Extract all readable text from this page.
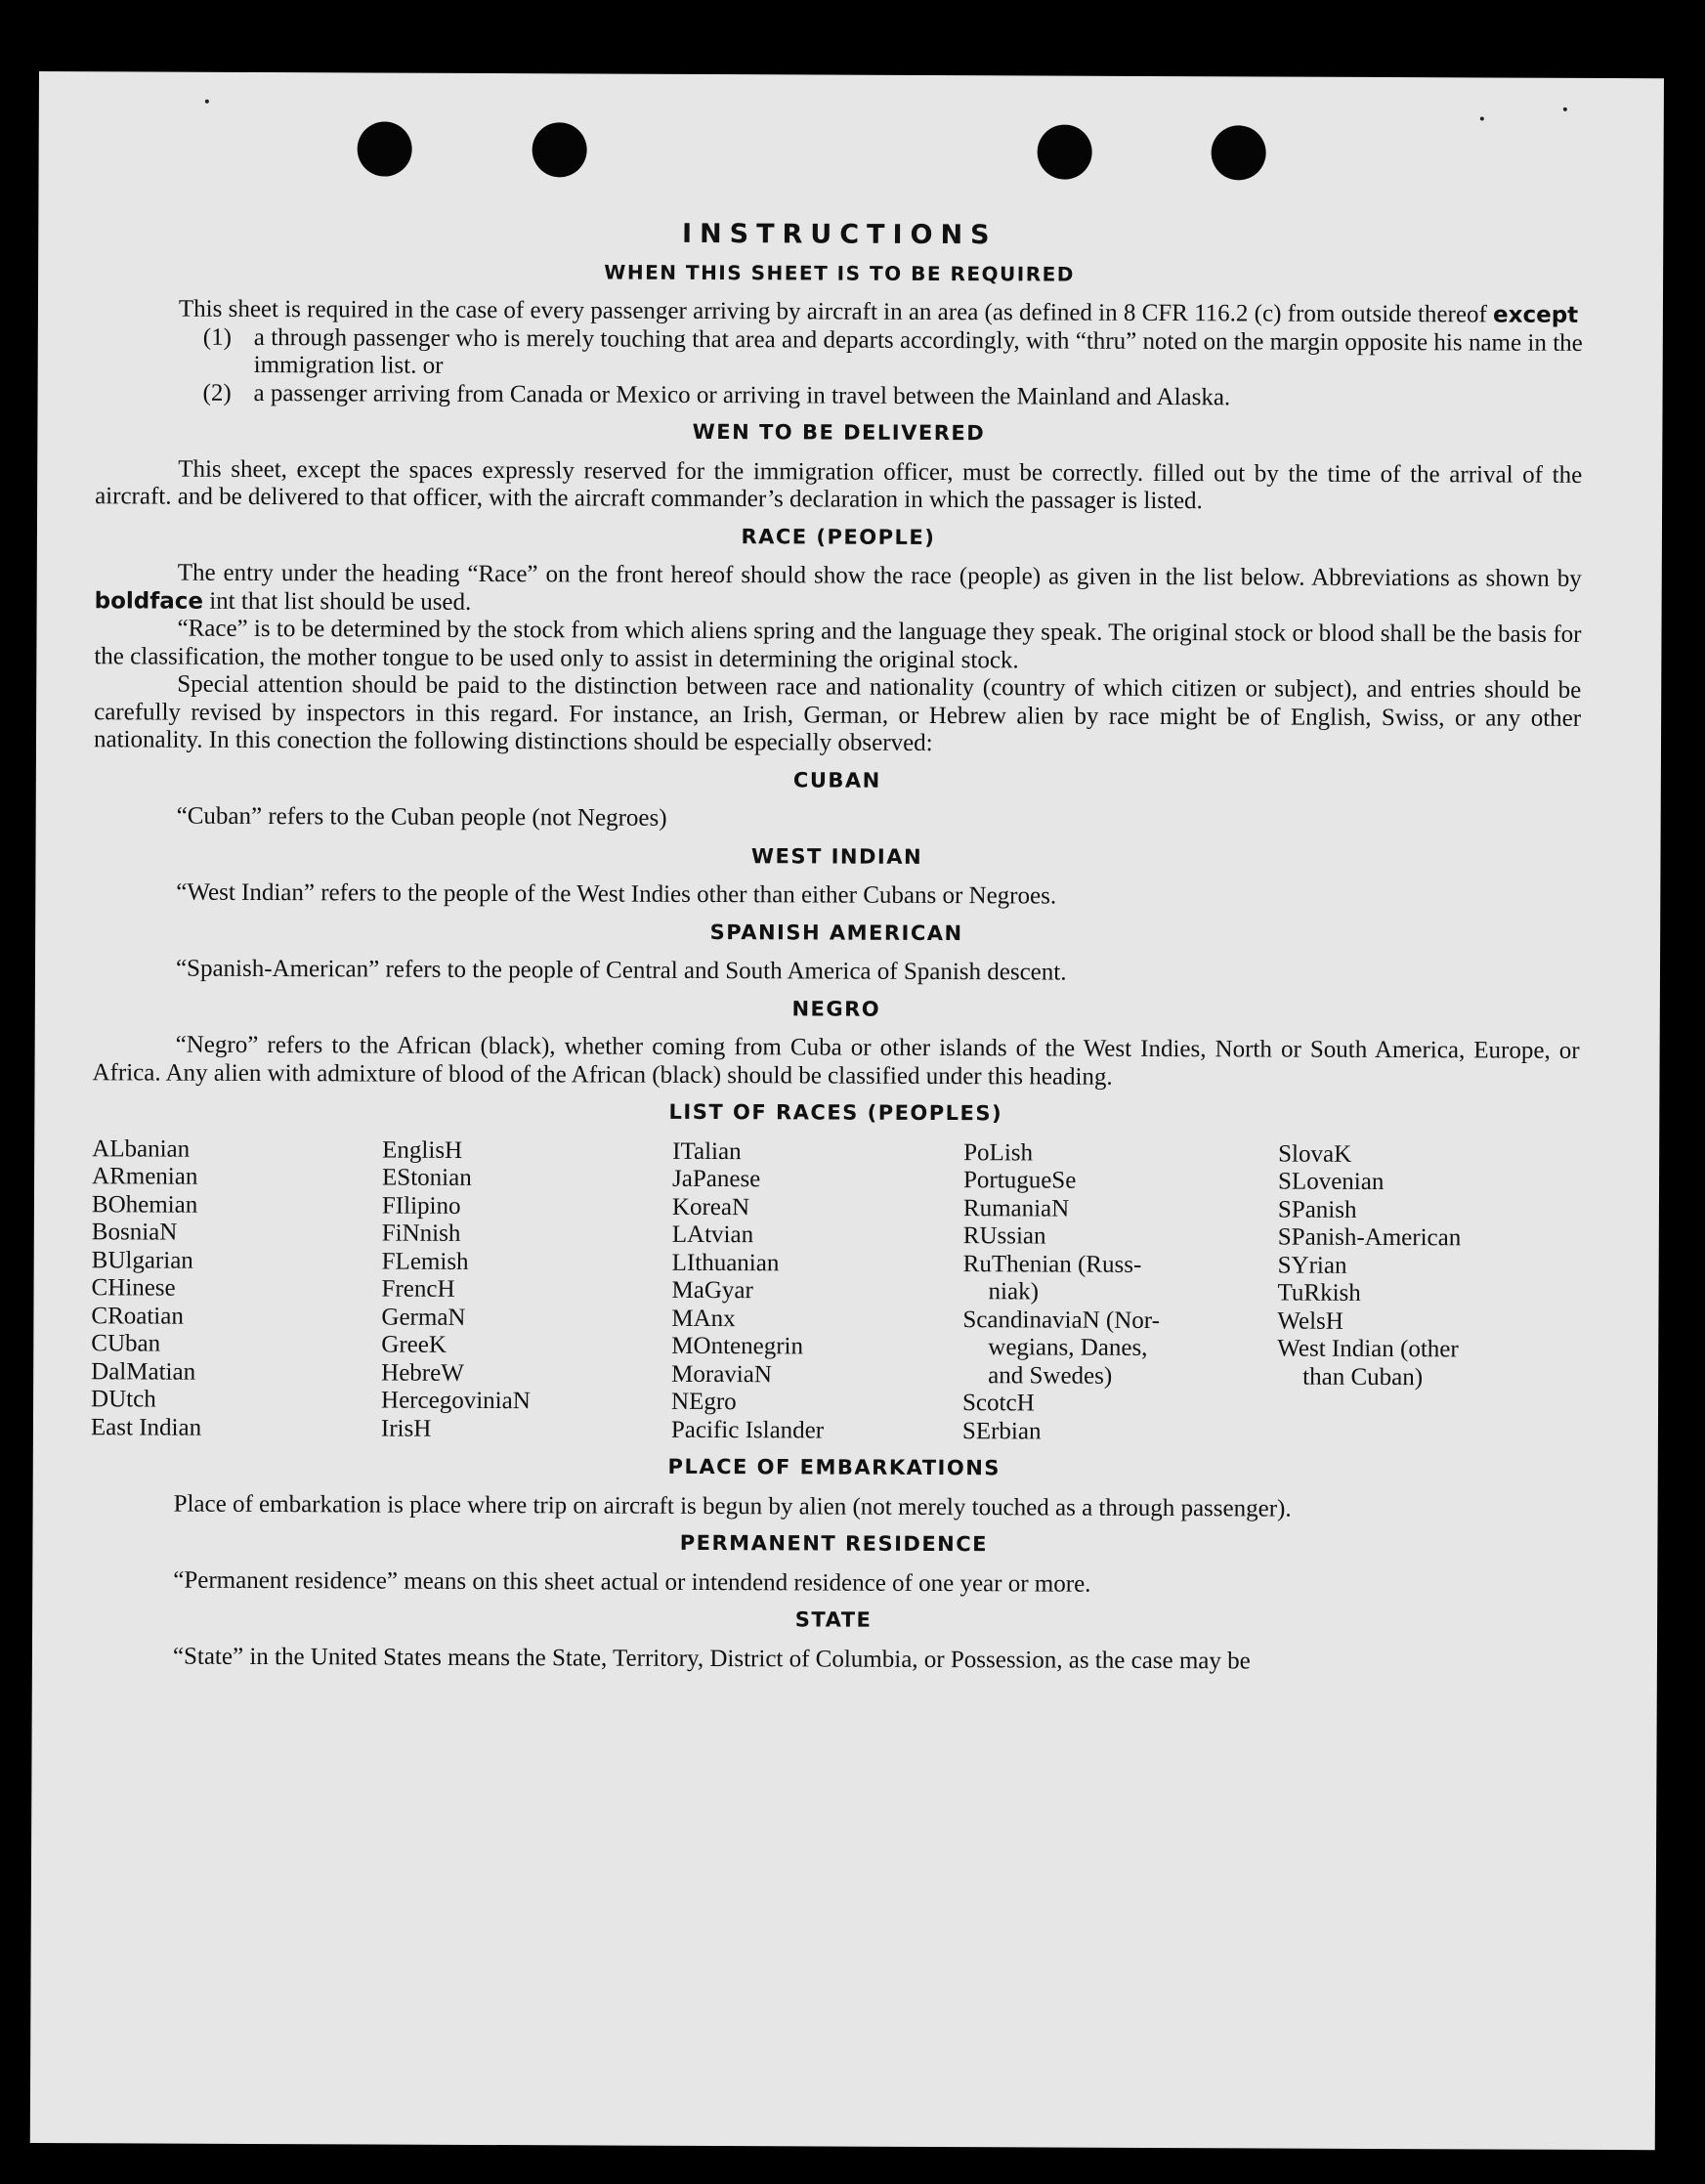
INSTRUCTIONS
WHEN THIS SHEET IS TO BE REQUIRED

This sheet is required in the case of every passenger arriving by aircraft in an area (as defined in 8 CFR 116.2 (c) from outside thereof except

(1) a through passenger who is merely touching that area and departs accordingly, with “thru” noted on the margin opposite his name in the immigration list. or
(2) a passenger arriving from Canada or Mexico or arriving in travel between the Mainland and Alaska.
WEN TO BE DELIVERED

This sheet, except the spaces expressly reserved for the immigration officer, must be correctly. filled out by the time of the arrival of the aircraft. and be delivered to that officer, with the aircraft commander’s declaration in which the passager is listed.

RACE (PEOPLE)

The entry under the heading “Race” on the front hereof should show the race (people) as given in the list below. Abbreviations as shown by boldface int that list should be used.

“Race” is to be determined by the stock from which aliens spring and the language they speak. The original stock or blood shall be the basis for the classification, the mother tongue to be used only to assist in determining the original stock.

Special attention should be paid to the distinction between race and nationality (country of which citizen or subject), and entries should be carefully revised by inspectors in this regard. For instance, an Irish, German, or Hebrew alien by race might be of English, Swiss, or any other nationality. In this conection the following distinctions should be especially observed:

CUBAN

“Cuban” refers to the Cuban people (not Negroes)

WEST INDIAN

“West Indian” refers to the people of the West Indies other than either Cubans or Negroes.

SPANISH AMERICAN

“Spanish-American” refers to the people of Central and South America of Spanish descent.

NEGRO

“Negro” refers to the African (black), whether coming from Cuba or other islands of the West Indies, North or South America, Europe, or Africa. Any alien with admixture of blood of the African (black) should be classified under this heading.

LIST OF RACES (PEOPLES)
ALbanian
ARmenian
BOhemian
BosniaN
BUlgarian
CHinese
CRoatian
CUban
DalMatian
DUtch
East Indian
EnglisH
EStonian
FIlipino
FiNnish
FLemish
FrencH
GermaN
GreeK
HebreW
HercegoviniaN
IrisH
ITalian
JaPanese
KoreaN
LAtvian
LIthuanian
MaGyar
MAnx
MOntenegrin
MoraviaN
NEgro
Pacific Islander
PoLish
PortugueSe
RumaniaN
RUssian
RuThenian (Russ-
niak)
ScandinaviaN (Nor-
wegians, Danes,
and Swedes)
ScotcH
SErbian
SlovaK
SLovenian
SPanish
SPanish-American
SYrian
TuRkish
WelsH
West Indian (other
than Cuban)
PLACE OF EMBARKATIONS

Place of embarkation is place where trip on aircraft is begun by alien (not merely touched as a through passenger).

PERMANENT RESIDENCE

“Permanent residence” means on this sheet actual or intendend residence of one year or more.

STATE

“State” in the United States means the State, Territory, District of Columbia, or Possession, as the case may be
